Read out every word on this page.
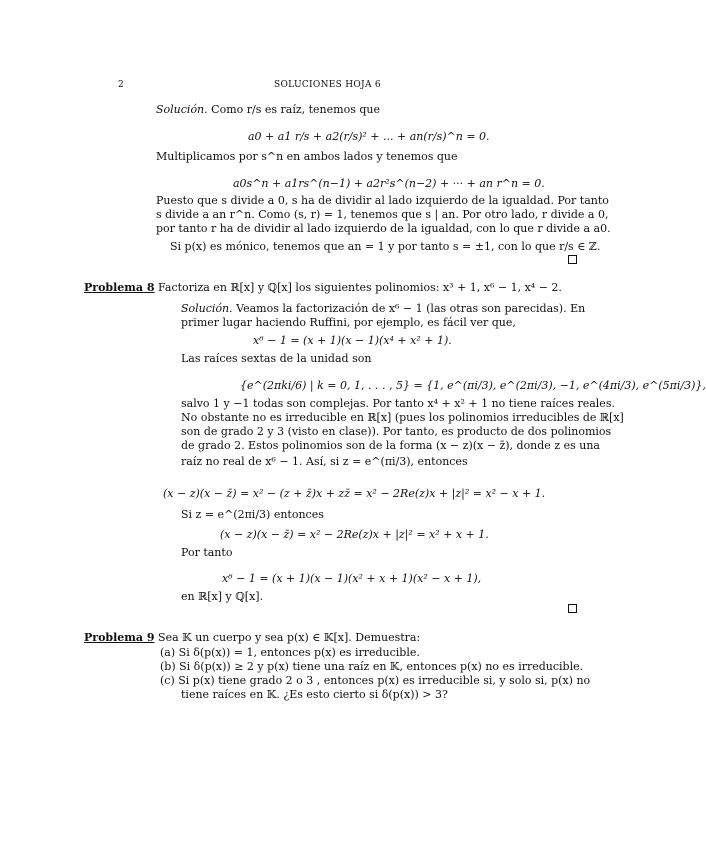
2	SOLUCIONES HOJA 6
Solución. Como r/s es raíz, tenemos que
a0 + a1 r/s + a2(r/s)² + ... + an(r/s)^n = 0.
Multiplicamos por s^n en ambos lados y tenemos que
a0s^n + a1rs^(n−1) + a2r²s^(n−2) + ··· + an r^n = 0.
Puesto que s divide a 0, s ha de dividir al lado izquierdo de la igualdad. Por tanto
s divide a an r^n. Como (s, r) = 1, tenemos que s | an. Por otro lado, r divide a 0,
por tanto r ha de dividir al lado izquierdo de la igualdad, con lo que r divide a a0.
Si p(x) es mónico, tenemos que an = 1 y por tanto s = ±1, con lo que r/s ∈ ℤ.
Problema 8 Factoriza en ℝ[x] y ℚ[x] los siguientes polinomios: x³ + 1, x⁶ − 1, x⁴ − 2.
Solución. Veamos la factorización de x⁶ − 1 (las otras son parecidas). En
primer lugar haciendo Ruffini, por ejemplo, es fácil ver que,
x⁶ − 1 = (x + 1)(x − 1)(x⁴ + x² + 1).
Las raíces sextas de la unidad son
{e^(2πki/6) | k = 0, 1, . . . , 5} = {1, e^(πi/3), e^(2πi/3), −1, e^(4πi/3), e^(5πi/3)},
salvo 1 y −1 todas son complejas. Por tanto x⁴ + x² + 1 no tiene raíces reales.
No obstante no es irreducible en ℝ[x] (pues los polinomios irreducibles de ℝ[x]
son de grado 2 y 3 (visto en clase)). Por tanto, es producto de dos polinomios
de grado 2. Estos polinomios son de la forma (x − z)(x − z̄), donde z es una
raíz no real de x⁶ − 1. Así, si z = e^(πi/3), entonces
(x − z)(x − z̄) = x² − (z + z̄)x + zz̄ = x² − 2Re(z)x + |z|² = x² − x + 1.
Si z = e^(2πi/3) entonces
(x − z)(x − z̄) = x² − 2Re(z)x + |z|² = x² + x + 1.
Por tanto
x⁶ − 1 = (x + 1)(x − 1)(x² + x + 1)(x² − x + 1),
en ℝ[x] y ℚ[x].
Problema 9 Sea 𝕂 un cuerpo y sea p(x) ∈ 𝕂[x]. Demuestra:
(a) Si δ(p(x)) = 1, entonces p(x) es irreducible.
(b) Si δ(p(x)) ≥ 2 y p(x) tiene una raíz en 𝕂, entonces p(x) no es irreducible.
(c) Si p(x) tiene grado 2 o 3 , entonces p(x) es irreducible si, y solo si, p(x) no
tiene raíces en 𝕂. ¿Es esto cierto si δ(p(x)) > 3?
